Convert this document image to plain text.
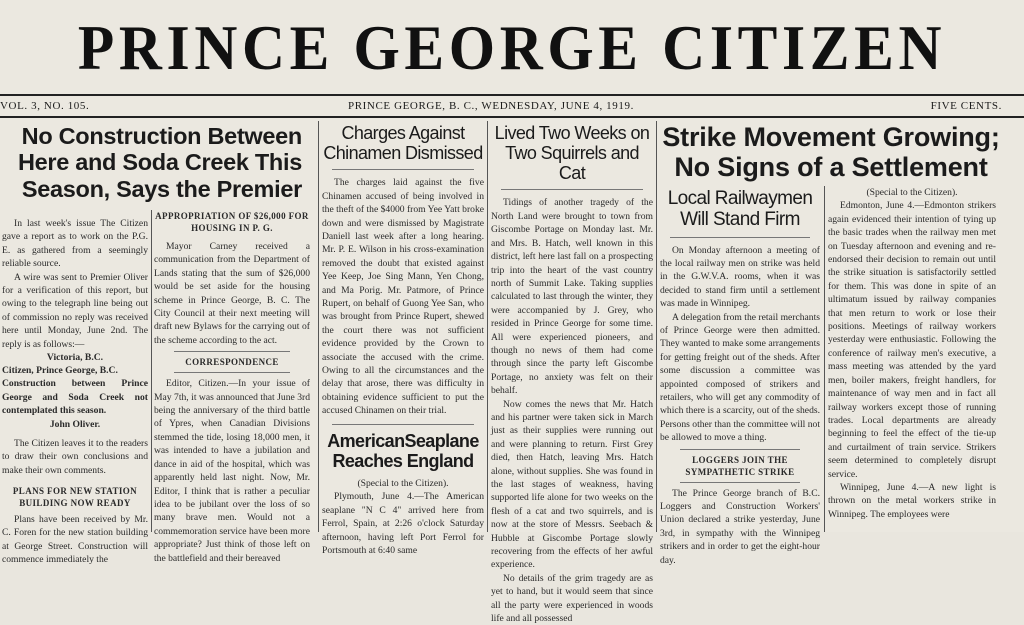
PRINCE GEORGE CITIZEN
VOL. 3, NO. 105.	PRINCE GEORGE, B. C., WEDNESDAY, JUNE 4, 1919.	FIVE CENTS.
No Construction Between Here and Soda Creek This Season, Says the Premier

In last week's issue The Citizen gave a report as to work on the P.G. E. as gathered from a seemingly reliable source.

A wire was sent to Premier Oliver for a verification of this report, but owing to the telegraph line being out of commission no reply was received here until Monday, June 2nd. The reply is as follows:—

Victoria, B.C.
Citizen, Prince George, B.C.
Construction between Prince George and Soda Creek not contemplated this season.
John Oliver.

The Citizen leaves it to the readers to draw their own conclusions and make their own comments.

PLANS FOR NEW STATION BUILDING NOW READY

Plans have been received by Mr. C. Foren for the new station building at George Street. Construction will commence immediately the

APPROPRIATION OF $26,000 FOR HOUSING IN P. G.

Mayor Carney received a communication from the Department of Lands stating that the sum of $26,000 would be set aside for the housing scheme in Prince George, B. C. The City Council at their next meeting will draft new Bylaws for the carrying out of the scheme according to the act.

CORRESPONDENCE

Editor, Citizen.—In your issue of May 7th, it was announced that June 3rd being the anniversary of the third battle of Ypres, when Canadian Divisions stemmed the tide, losing 18,000 men, it was intended to have a jubilation and dance in aid of the hospital, which was apparently held last night. Now, Mr. Editor, I think that is rather a peculiar idea to be jubilant over the loss of so many brave men. Would not a commemoration service have been more appropriate? Just think of those left on the battlefield and their bereaved

Charges Against Chinamen Dismissed

The charges laid against the five Chinamen accused of being involved in the theft of the $4000 from Yee Yatt broke down and were dismissed by Magistrate Daniell last week after a long hearing. Mr. P. E. Wilson in his cross-examination removed the doubt that existed against Yee Keep, Joe Sing Mann, Yen Chong, and Ma Porig. Mr. Patmore, of Prince Rupert, on behalf of Guong Yee San, who was brought from Prince Rupert, shewed the court there was not sufficient evidence provided by the Crown to associate the accused with the crime. Owing to all the circumstances and the delay that arose, there was difficulty in obtaining evidence sufficient to put the accused Chinamen on their trial.

AmericanSeaplane Reaches England
(Special to the Citizen).

Plymouth, June 4.—The American seaplane "N C 4" arrived here from Ferrol, Spain, at 2:26 o'clock Saturday afternoon, having left Port Ferrol for Portsmouth at 6:40 same

Lived Two Weeks on Two Squirrels and Cat

Tidings of another tragedy of the North Land were brought to town from Giscombe Portage on Monday last. Mr. and Mrs. B. Hatch, well known in this district, left here last fall on a prospecting trip into the heart of the vast country north of Summit Lake. Taking supplies calculated to last through the winter, they were accompanied by J. Grey, who resided in Prince George for some time. All were experienced pioneers, and though no news of them had come through since the party left Giscombe Portage, no anxiety was felt on their behalf.

Now comes the news that Mr. Hatch and his partner were taken sick in March just as their supplies were running out and were planning to return. First Grey died, then Hatch, leaving Mrs. Hatch alone, without supplies. She was found in the last stages of weakness, having supported life alone for two weeks on the flesh of a cat and two squirrels, and is now at the store of Messrs. Seebach & Hubble at Giscombe Portage slowly recovering from the effects of her awful experience.

No details of the grim tragedy are as yet to hand, but it would seem that since all the party were experienced in woods life and all possessed

Strike Movement Growing; No Signs of a Settlement
Local Railwaymen Will Stand Firm

On Monday afternoon a meeting of the local railway men on strike was held in the G.W.V.A. rooms, when it was decided to stand firm until a settlement was made in Winnipeg.

A delegation from the retail merchants of Prince George were then admitted. They wanted to make some arrangements for getting freight out of the sheds. After some discussion a committee was appointed composed of strikers and retailers, who will get any commodity of which there is a scarcity, out of the sheds. Persons other than the committee will not be allowed to move a thing.

LOGGERS JOIN THE SYMPATHETIC STRIKE

The Prince George branch of B.C. Loggers and Construction Workers' Union declared a strike yesterday, June 3rd, in sympathy with the Winnipeg strikers and in order to get the eight-hour day.

(Special to the Citizen).

Edmonton, June 4.—Edmonton strikers again evidenced their intention of tying up the basic trades when the railway men met on Tuesday afternoon and evening and re-endorsed their decision to remain out until the strike situation is satisfactorily settled for them. This was done in spite of an ultimatum issued by railway companies that men return to work or lose their positions. Meetings of railway workers yesterday were enthusiastic. Following the conference of railway men's executive, a mass meeting was attended by the yard men, boiler makers, freight handlers, for maintenance of way men and in fact all railway workers except those of running trades. Local departments are already beginning to feel the effect of the tie-up and curtailment of train service. Strikers seem determined to completely disrupt service.

Winnipeg, June 4.—A new light is thrown on the metal workers strike in Winnipeg. The employees were
